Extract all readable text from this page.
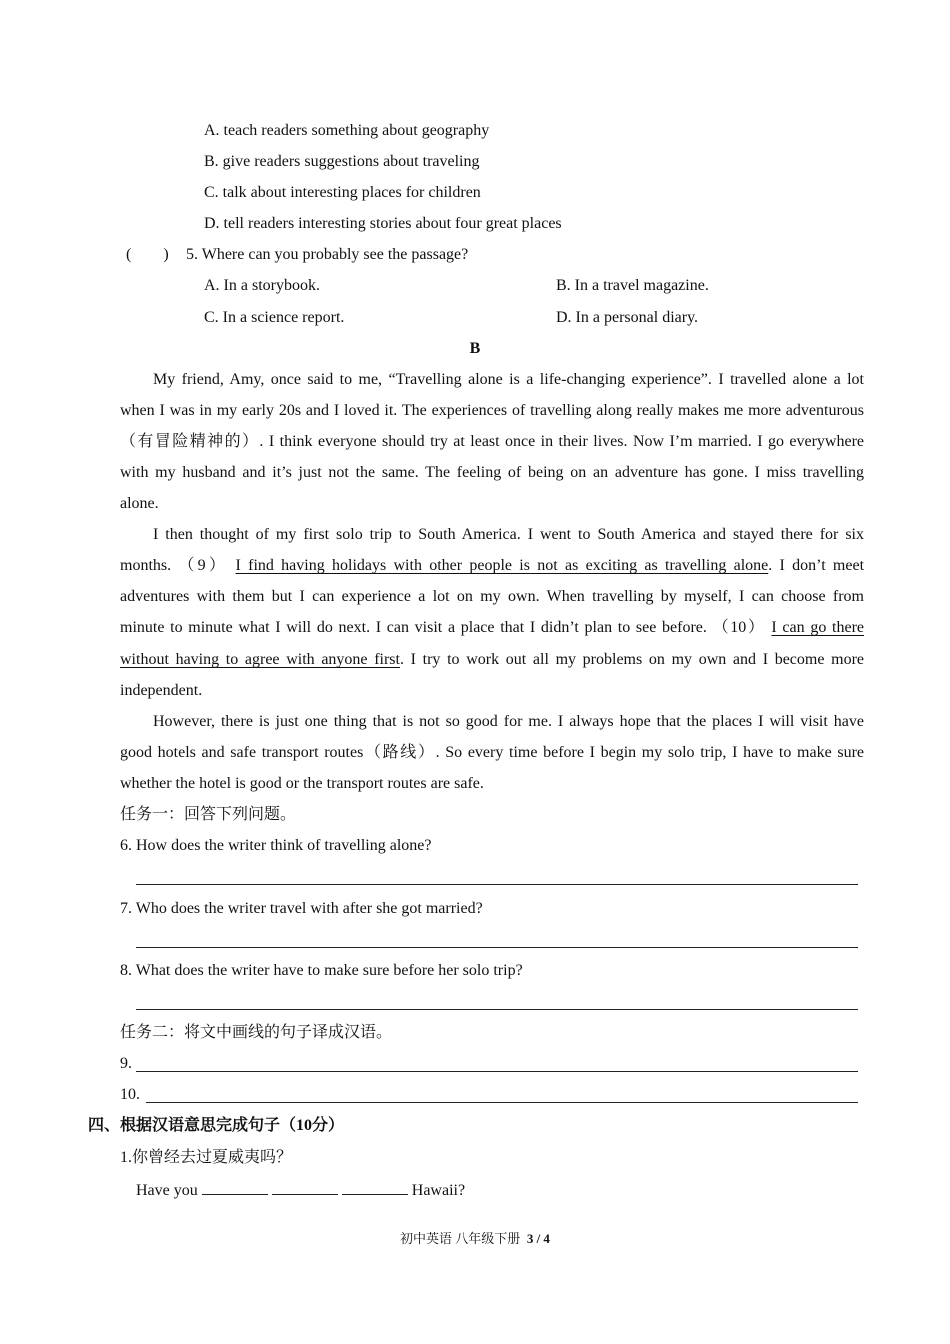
A. teach readers something about geography
B. give readers suggestions about traveling
C. talk about interesting places for children
D. tell readers interesting stories about four great places
(　　) 5. Where can you probably see the passage?
A. In a storybook.	B. In a travel magazine.
C. In a science report.	D. In a personal diary.
B
My friend, Amy, once said to me, “Travelling alone is a life-changing experience”. I travelled alone a lot
when I was in my early 20s and I loved it. The experiences of travelling along really makes me more adventurous
（有冒险精神的）. I think everyone should try at least once in their lives. Now I’m married. I go everywhere
with my husband and it’s just not the same. The feeling of being on an adventure has gone. I miss travelling
alone.
I then thought of my first solo trip to South America. I went to South America and stayed there for six
months. （9） I find having holidays with other people is not as exciting as travelling alone. I don’t meet
adventures with them but I can experience a lot on my own. When travelling by myself, I can choose from
minute to minute what I will do next. I can visit a place that I didn’t plan to see before. （10） I can go there
without having to agree with anyone first. I try to work out all my problems on my own and I become more
independent.
However, there is just one thing that is not so good for me. I always hope that the places I will visit have
good hotels and safe transport routes（路线）. So every time before I begin my solo trip, I have to make sure
whether the hotel is good or the transport routes are safe.
任务一：回答下列问题。
6. How does the writer think of travelling alone?
7. Who does the writer travel with after she got married?
8. What does the writer have to make sure before her solo trip?
任务二：将文中画线的句子译成汉语。
9.
10.
四、根据汉语意思完成句子（10分）
1.你曾经去过夏威夷吗？
Have you	Hawaii?
初中英语 八年级下册 3 / 4
